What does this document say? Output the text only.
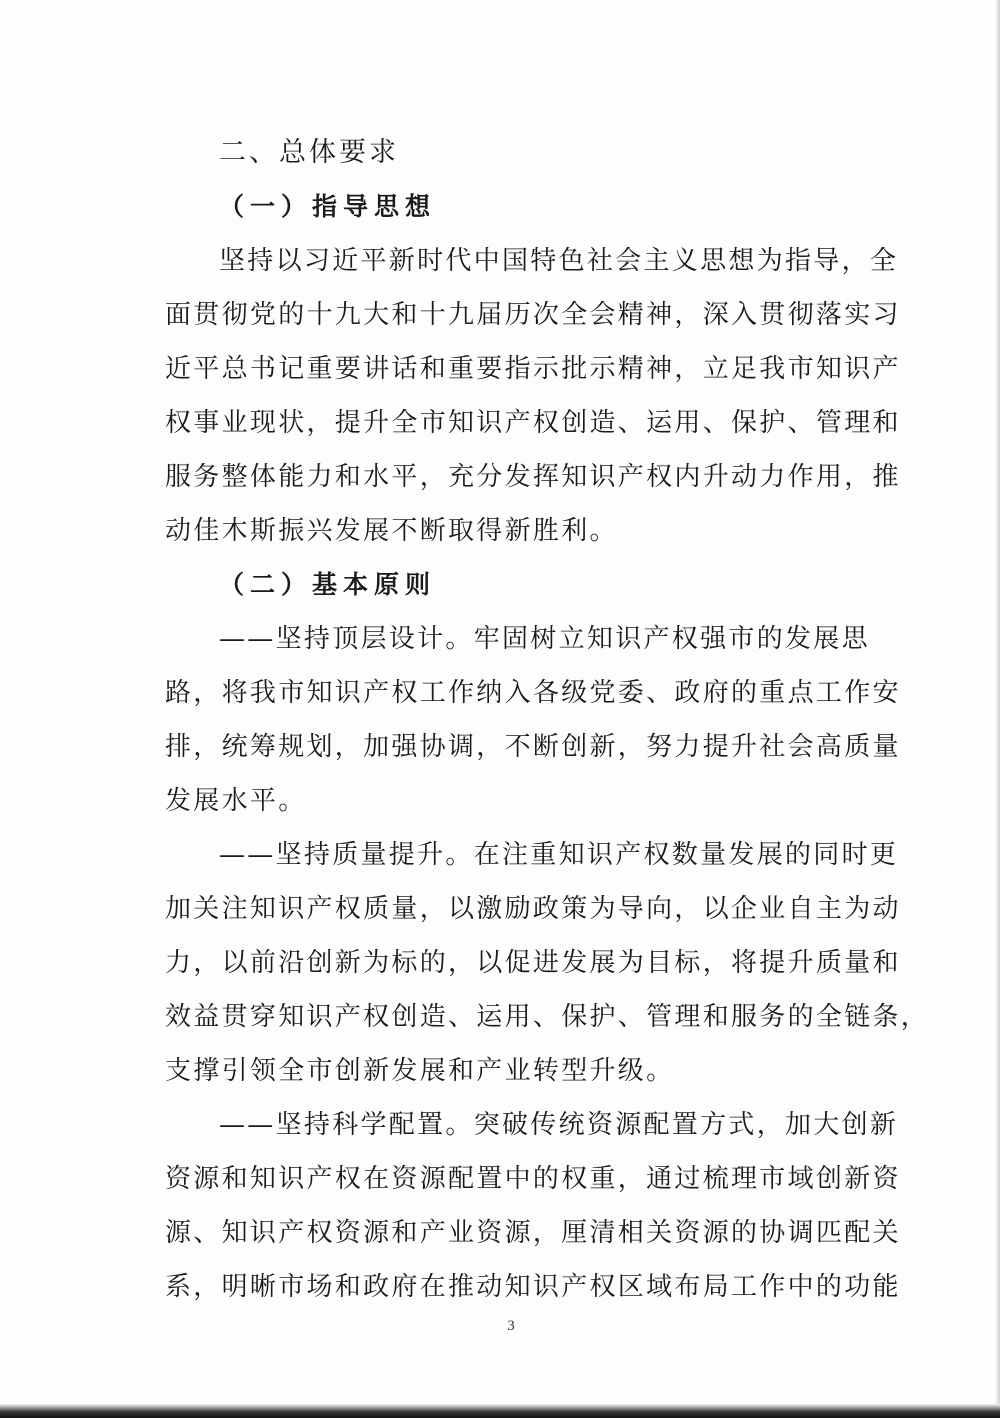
二、总体要求
（一）指导思想
坚持以习近平新时代中国特色社会主义思想为指导，全
面贯彻党的十九大和十九届历次全会精神，深入贯彻落实习
近平总书记重要讲话和重要指示批示精神，立足我市知识产
权事业现状，提升全市知识产权创造、运用、保护、管理和
服务整体能力和水平，充分发挥知识产权内升动力作用，推
动佳木斯振兴发展不断取得新胜利。
（二）基本原则
——坚持顶层设计。牢固树立知识产权强市的发展思
路，将我市知识产权工作纳入各级党委、政府的重点工作安
排，统筹规划，加强协调，不断创新，努力提升社会高质量
发展水平。
——坚持质量提升。在注重知识产权数量发展的同时更
加关注知识产权质量，以激励政策为导向，以企业自主为动
力，以前沿创新为标的，以促进发展为目标，将提升质量和
效益贯穿知识产权创造、运用、保护、管理和服务的全链条，
支撑引领全市创新发展和产业转型升级。
——坚持科学配置。突破传统资源配置方式，加大创新
资源和知识产权在资源配置中的权重，通过梳理市域创新资
源、知识产权资源和产业资源，厘清相关资源的协调匹配关
系，明晰市场和政府在推动知识产权区域布局工作中的功能
3
